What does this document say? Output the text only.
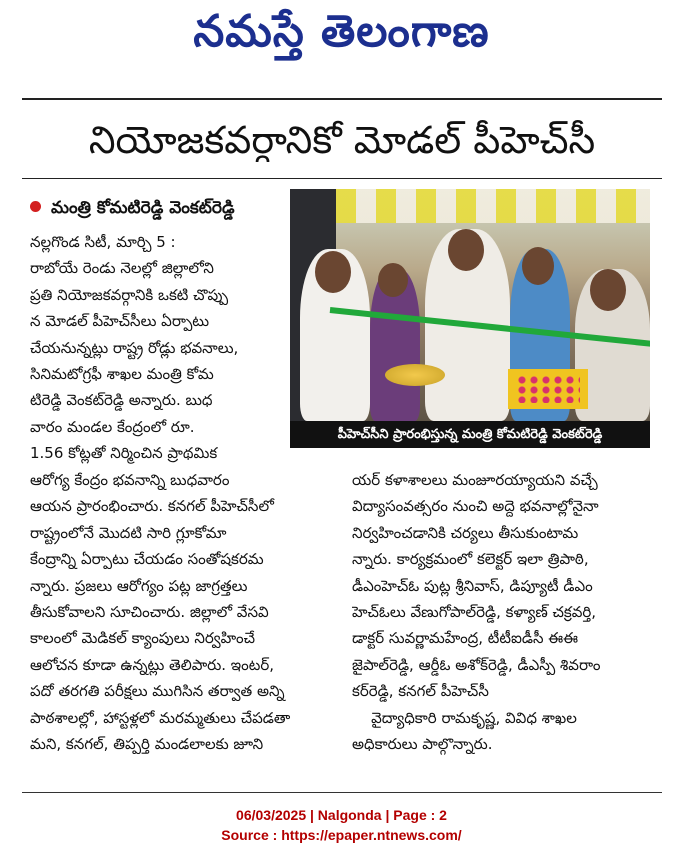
నమస్తే తెలంగాణ
నియోజకవర్గానికో మోడల్ పీహెచ్‌సీ
మంత్రి కోమటిరెడ్డి వెంకట్‌రెడ్డి
నల్లగొండ సిటీ, మార్చి 5 :
రాబోయే రెండు నెలల్లో జిల్లాలోని
ప్రతి నియోజకవర్గానికి ఒకటి చొప్పు
న మోడల్ పీహెచ్‌సీలు ఏర్పాటు
చేయనున్నట్లు రాష్ట్ర రోడ్లు భవనాలు,
సినిమటోగ్రఫీ శాఖల మంత్రి కోమ
టిరెడ్డి వెంకట్‌రెడ్డి అన్నారు. బుధ
వారం మండల కేంద్రంలో రూ.
1.56 కోట్లతో నిర్మించిన ప్రాథమిక
పీహెచ్‌సీని ప్రారంభిస్తున్న మంత్రి కోమటిరెడ్డి వెంకట్‌రెడ్డి
ఆరోగ్య కేంద్రం భవనాన్ని బుధవారం
ఆయన ప్రారంభించారు. కనగల్ పీహెచ్‌సీలో
రాష్ట్రంలోనే మొదటి సారి గ్లూకోమా
కేంద్రాన్ని ఏర్పాటు చేయడం సంతోషకరమ
న్నారు. ప్రజలు ఆరోగ్యం పట్ల జాగ్రత్తలు
తీసుకోవాలని సూచించారు. జిల్లాలో వేసవి
కాలంలో మెడికల్ క్యాంపులు నిర్వహించే
ఆలోచన కూడా ఉన్నట్లు తెలిపారు. ఇంటర్,
పదో తరగతి పరీక్షలు ముగిసిన తర్వాత అన్ని
పాఠశాలల్లో, హాస్టళ్లలో మరమ్మతులు చేపడతా
మని, కనగల్, తిప్పర్తి మండలాలకు జూని
యర్ కళాశాలలు మంజూరయ్యాయని వచ్చే
విద్యాసంవత్సరం నుంచి అద్దె భవనాల్లోనైనా
నిర్వహించడానికి చర్యలు తీసుకుంటామ
న్నారు. కార్యక్రమంలో కలెక్టర్ ఇలా త్రిపాఠి,
డీఎంహెచ్‌ఓ పుట్ల శ్రీనివాస్, డిప్యూటీ డీఎం
హెచ్‌ఓలు వేణుగోపాల్‌రెడ్డి, కళ్యాణ్ చక్రవర్తి,
డాక్టర్ సువర్ణామహేంద్ర, టీటీఐడీసీ ఈఈ
జైపాల్‌రెడ్డి, ఆర్డీఓ అశోక్‌రెడ్డి, డీఎస్పీ శివరాం
కర్‌రెడ్డి, కనగల్ పీహెచ్‌సీ
వైద్యాధికారి రామకృష్ణ, వివిధ శాఖల
అధికారులు పాల్గొన్నారు.
06/03/2025 | Nalgonda | Page : 2
Source : https://epaper.ntnews.com/
